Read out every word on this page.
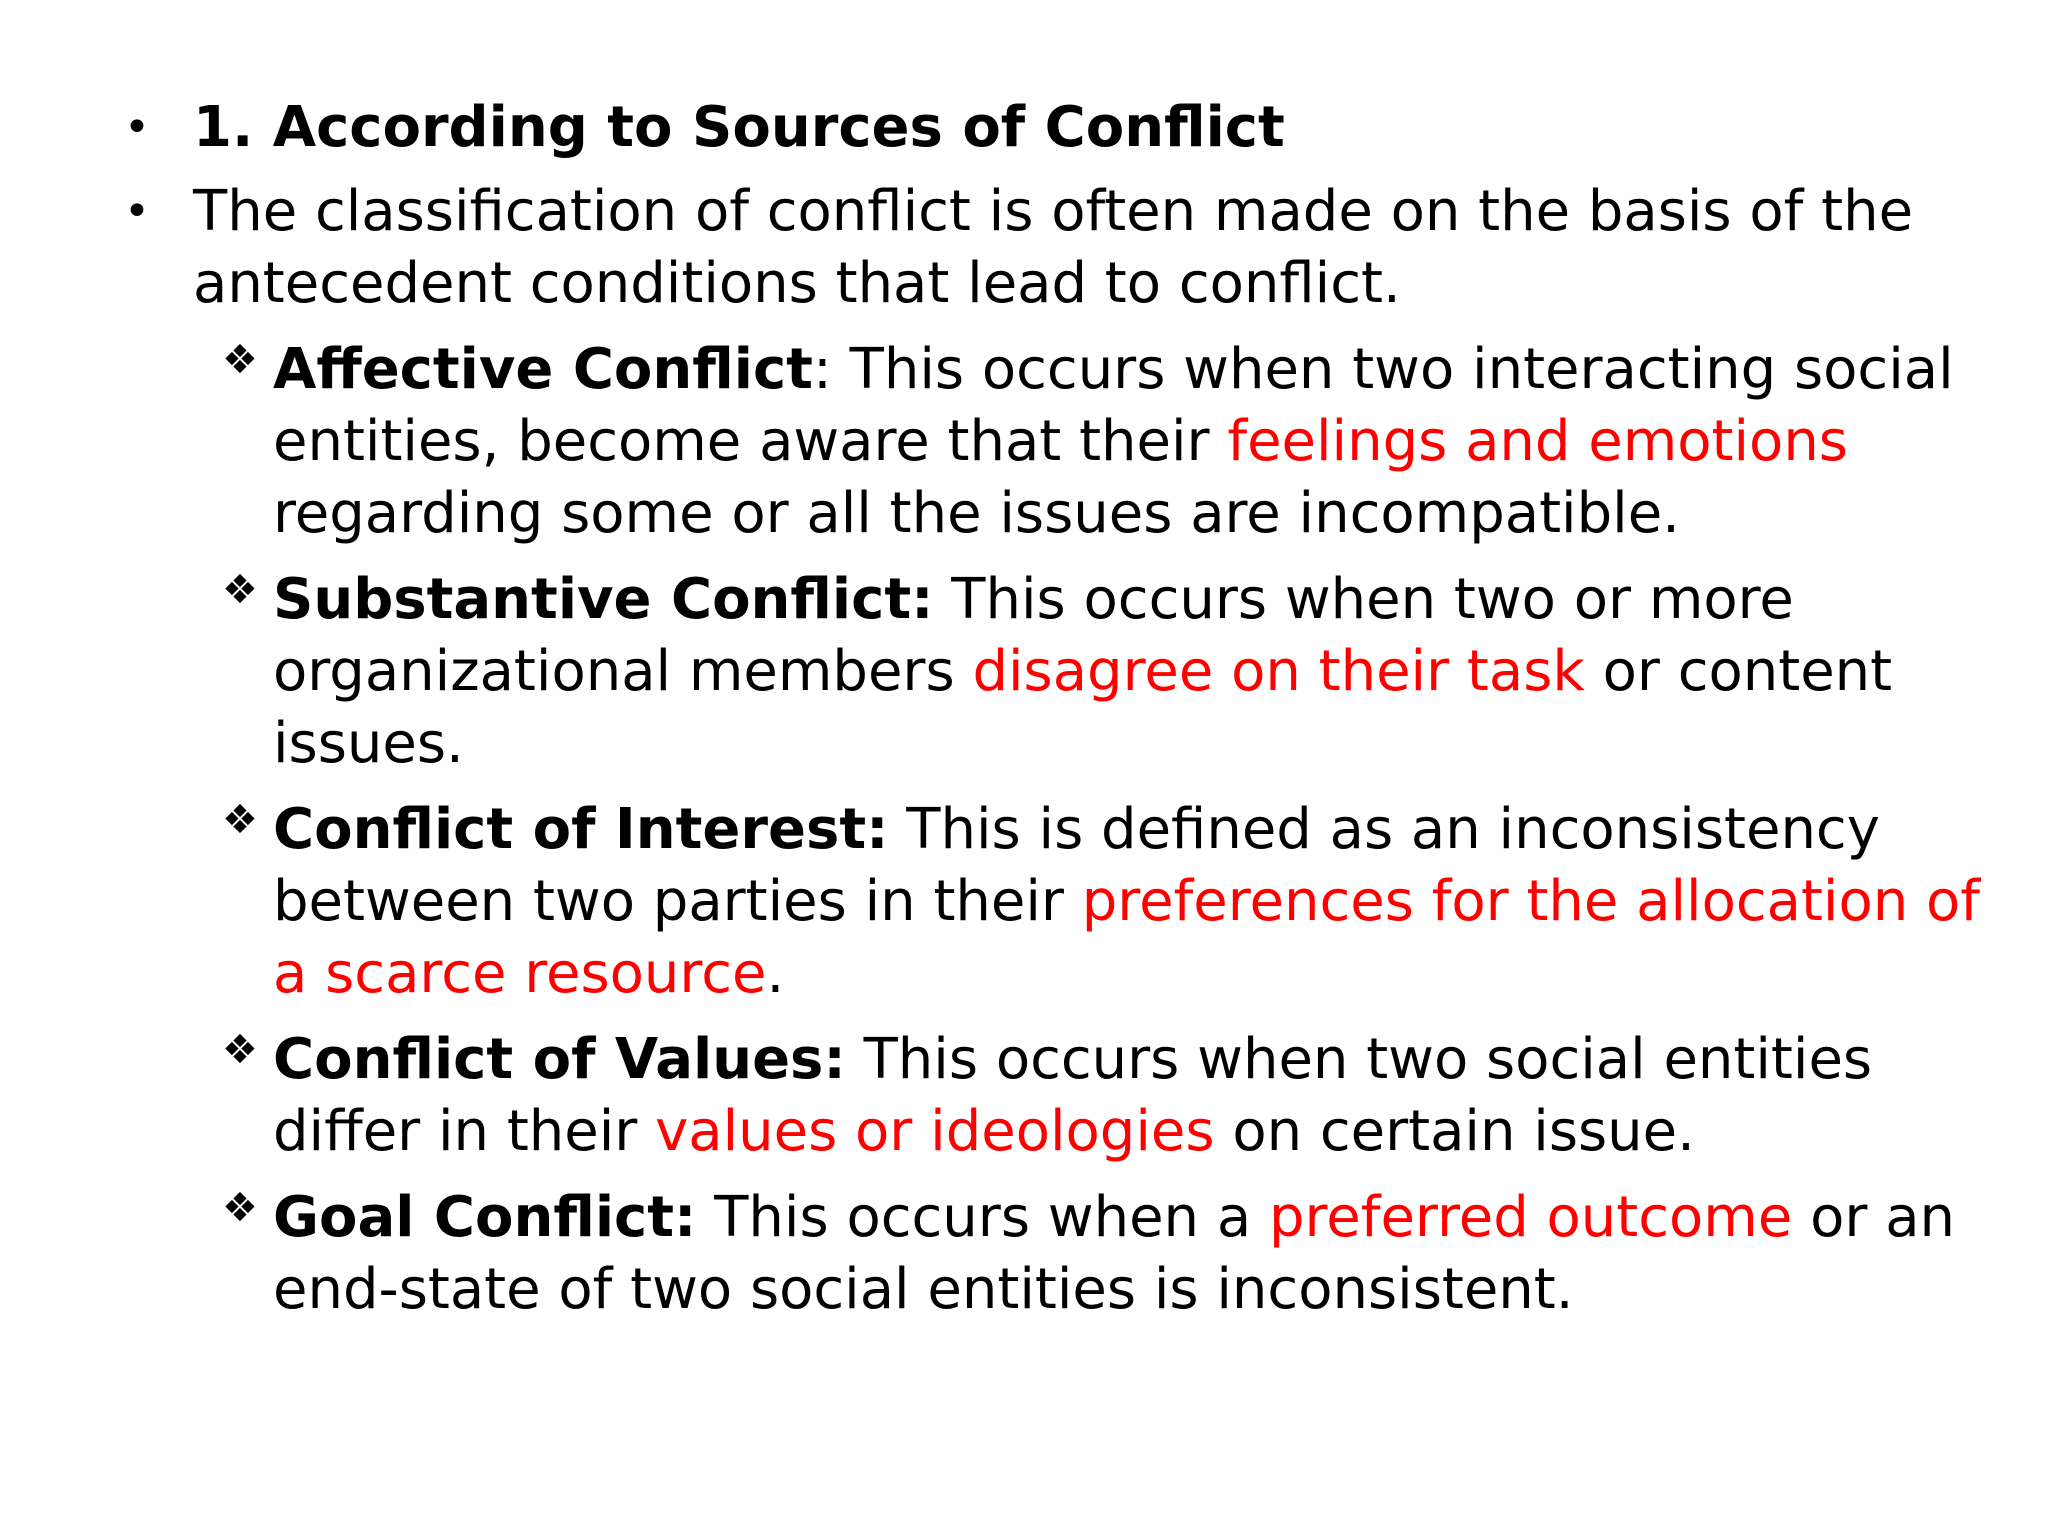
• 1. According to Sources of Conflict
• The classification of conflict is often made on the basis of the antecedent conditions that lead to conflict.
❖ Affective Conflict: This occurs when two interacting social entities, become aware that their feelings and emotions regarding some or all the issues are incompatible.
❖ Substantive Conflict: This occurs when two or more organizational members disagree on their task or content issues.
❖ Conflict of Interest: This is defined as an inconsistency between two parties in their preferences for the allocation of a scarce resource.
❖ Conflict of Values: This occurs when two social entities differ in their values or ideologies on certain issue.
❖ Goal Conflict: This occurs when a preferred outcome or an end-state of two social entities is inconsistent.
